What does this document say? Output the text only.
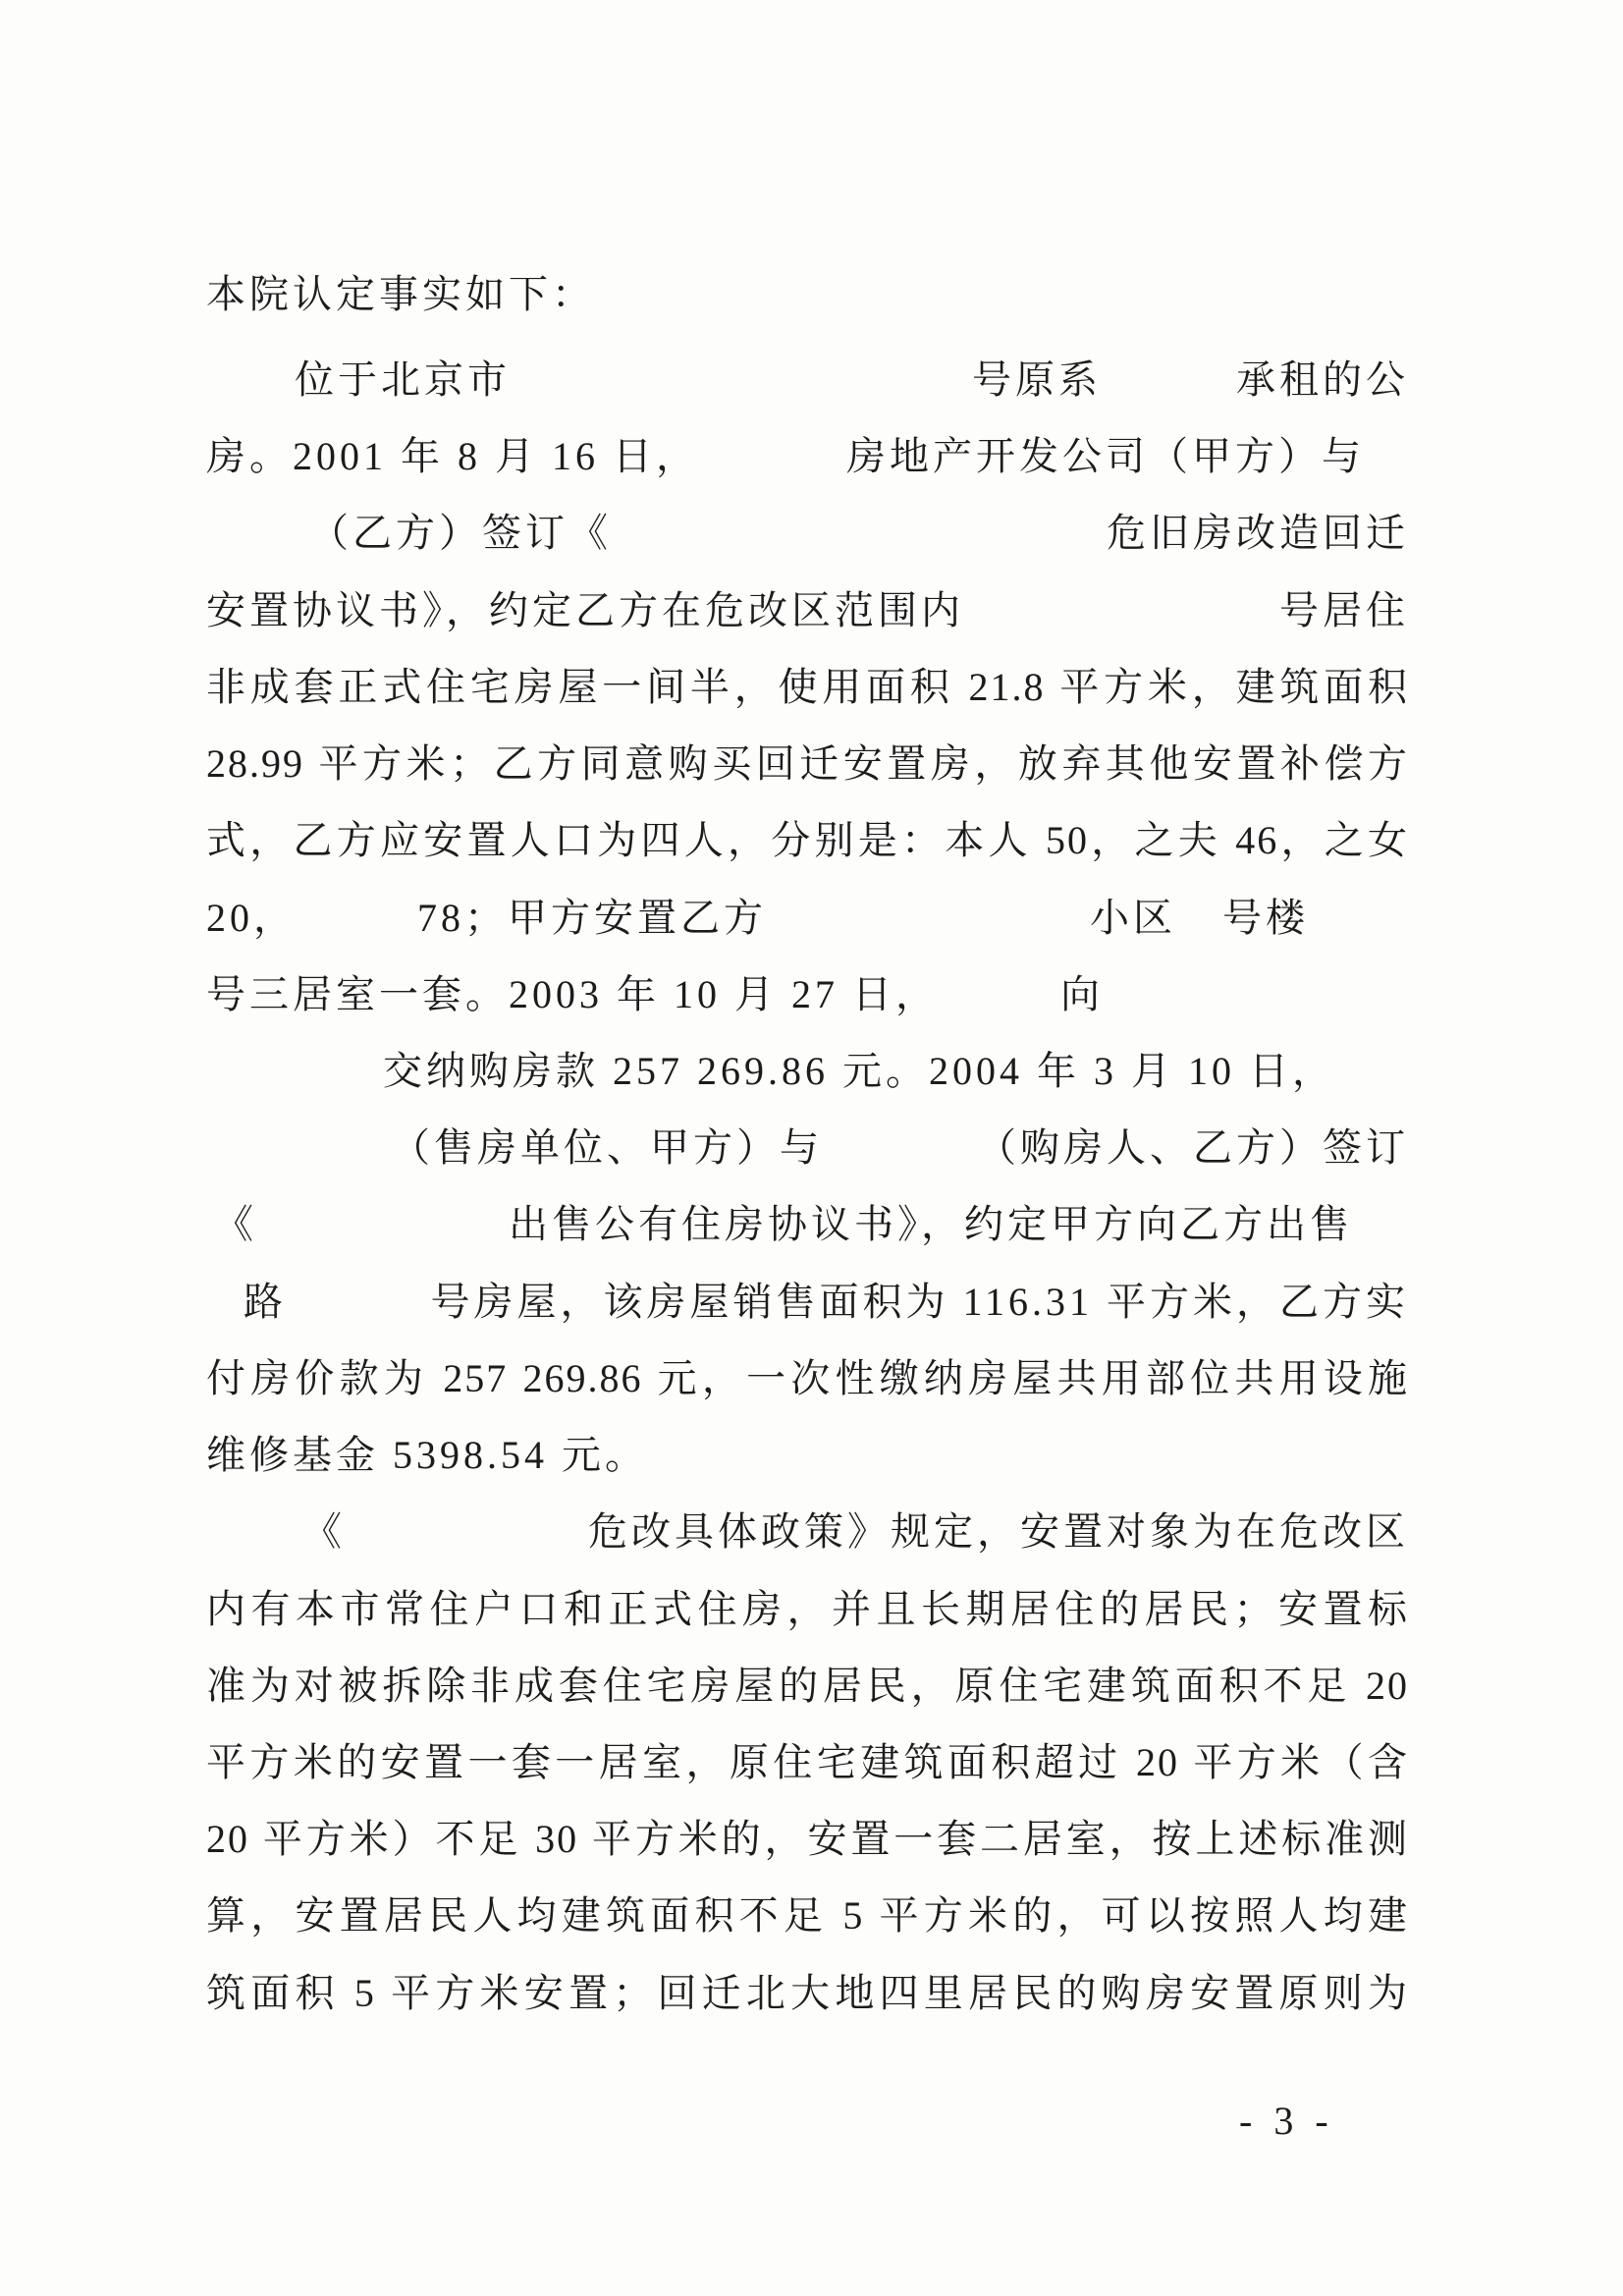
本院认定事实如下：
位于北京市	号原系	承租的公
房。2001 年 8 月 16 日，	房地产开发公司（甲方）与
（乙方）签订《	危旧房改造回迁
安置协议书》，约定乙方在危改区范围内	号居住
非成套正式住宅房屋一间半，使用面积 21.8 平方米，建筑面积
28.99 平方米；乙方同意购买回迁安置房，放弃其他安置补偿方
式，乙方应安置人口为四人，分别是：本人 50，之夫 46，之女
20，	78；甲方安置乙方	小区 号楼
号三居室一套。2003 年 10 月 27 日，	向
交纳购房款 257 269.86 元。2004 年 3 月 10 日，
（售房单位、甲方）与	（购房人、乙方）签订
《	出售公有住房协议书》，约定甲方向乙方出售
路	号房屋，该房屋销售面积为 116.31 平方米，乙方实
付房价款为 257 269.86 元，一次性缴纳房屋共用部位共用设施
维修基金 5398.54 元。
《	危改具体政策》规定，安置对象为在危改区
内有本市常住户口和正式住房，并且长期居住的居民；安置标
准为对被拆除非成套住宅房屋的居民，原住宅建筑面积不足 20
平方米的安置一套一居室，原住宅建筑面积超过 20 平方米（含
20 平方米）不足 30 平方米的，安置一套二居室，按上述标准测
算，安置居民人均建筑面积不足 5 平方米的，可以按照人均建
筑面积 5 平方米安置；回迁北大地四里居民的购房安置原则为
- 3 -
